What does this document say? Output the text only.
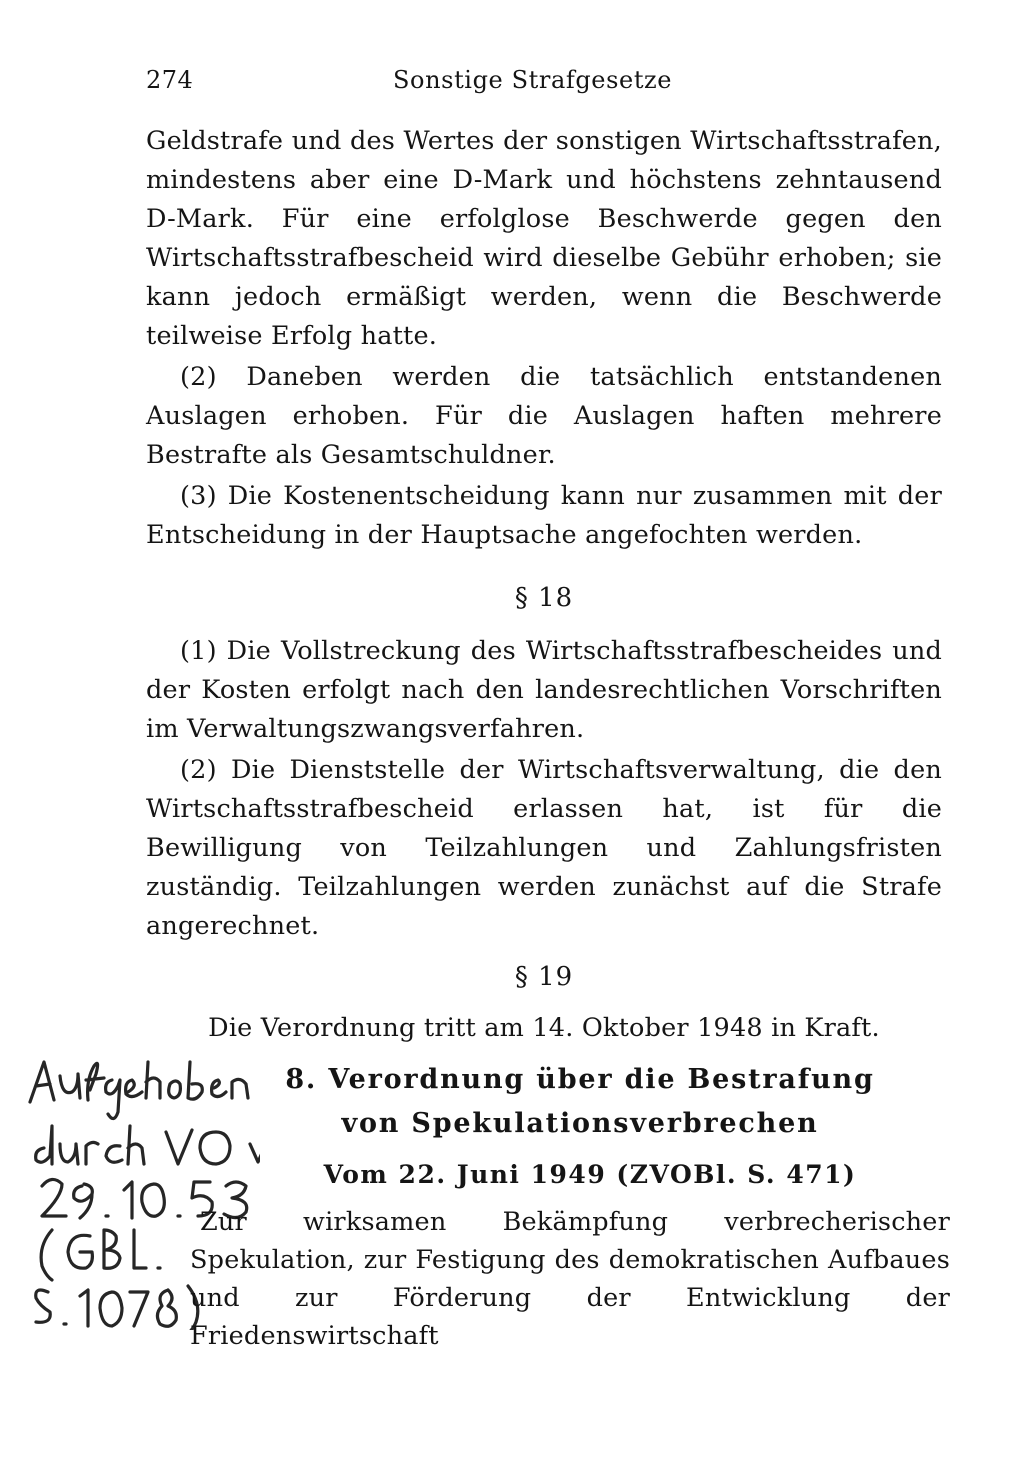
274	Sonstige Strafgesetze

Geldstrafe und des Wertes der sonstigen Wirtschaftsstrafen, mindestens aber eine D-Mark und höchstens zehntausend D-Mark. Für eine erfolglose Beschwerde gegen den Wirtschaftsstrafbescheid wird dieselbe Gebühr erhoben; sie kann jedoch ermäßigt werden, wenn die Beschwerde teilweise Erfolg hatte.

(2) Daneben werden die tatsächlich entstandenen Auslagen erhoben. Für die Auslagen haften mehrere Bestrafte als Gesamtschuldner.

(3) Die Kostenentscheidung kann nur zusammen mit der Entscheidung in der Hauptsache angefochten werden.

§ 18

(1) Die Vollstreckung des Wirtschaftsstrafbescheides und der Kosten erfolgt nach den landesrechtlichen Vorschriften im Verwaltungszwangsverfahren.

(2) Die Dienststelle der Wirtschaftsverwaltung, die den Wirtschaftsstrafbescheid erlassen hat, ist für die Bewilligung von Teilzahlungen und Zahlungsfristen zuständig. Teilzahlungen werden zunächst auf die Strafe angerechnet.

§ 19

Die Verordnung tritt am 14. Oktober 1948 in Kraft.

8. Verordnung über die Bestrafung
von Spekulationsverbrechen
Vom 22. Juni 1949 (ZVOBl. S. 471)

Zur wirksamen Bekämpfung verbrecherischer Spekulation, zur Festigung des demokratischen Aufbaues und zur Förderung der Entwicklung der Friedenswirtschaft
